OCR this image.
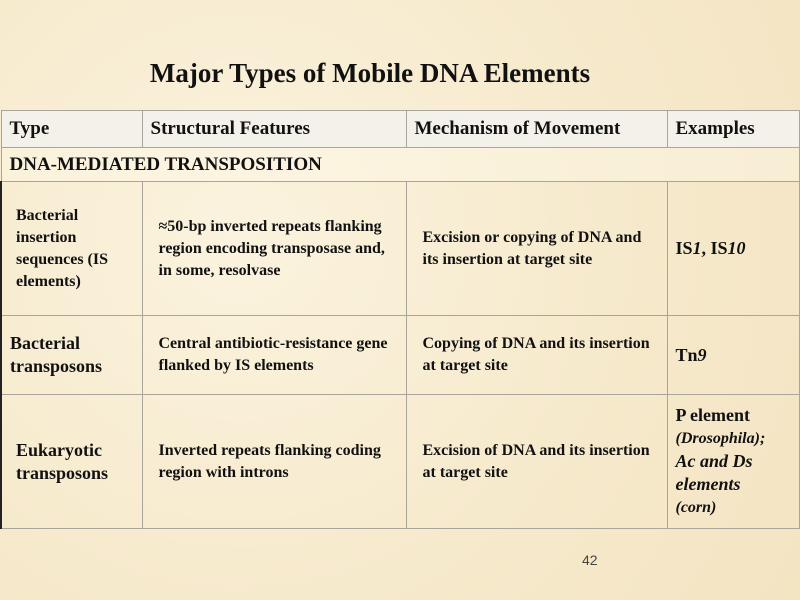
Major Types of Mobile DNA Elements
Type	Structural Features	Mechanism of Movement	Examples
DNA-MEDIATED TRANSPOSITION			
Bacterial insertion sequences (IS elements)	≈50-bp inverted repeats flanking region encoding transposase and, in some, resolvase	Excision or copying of DNA and its insertion at target site	IS1, IS10
Bacterial transposons	Central antibiotic-resistance gene flanked by IS elements	Copying of DNA and its insertion at target site	Tn9
Eukaryotic transposons	Inverted repeats flanking coding region with introns	Excision of DNA and its insertion at target site	P element
(Drosophila);
Ac and Ds elements
(corn)
42
